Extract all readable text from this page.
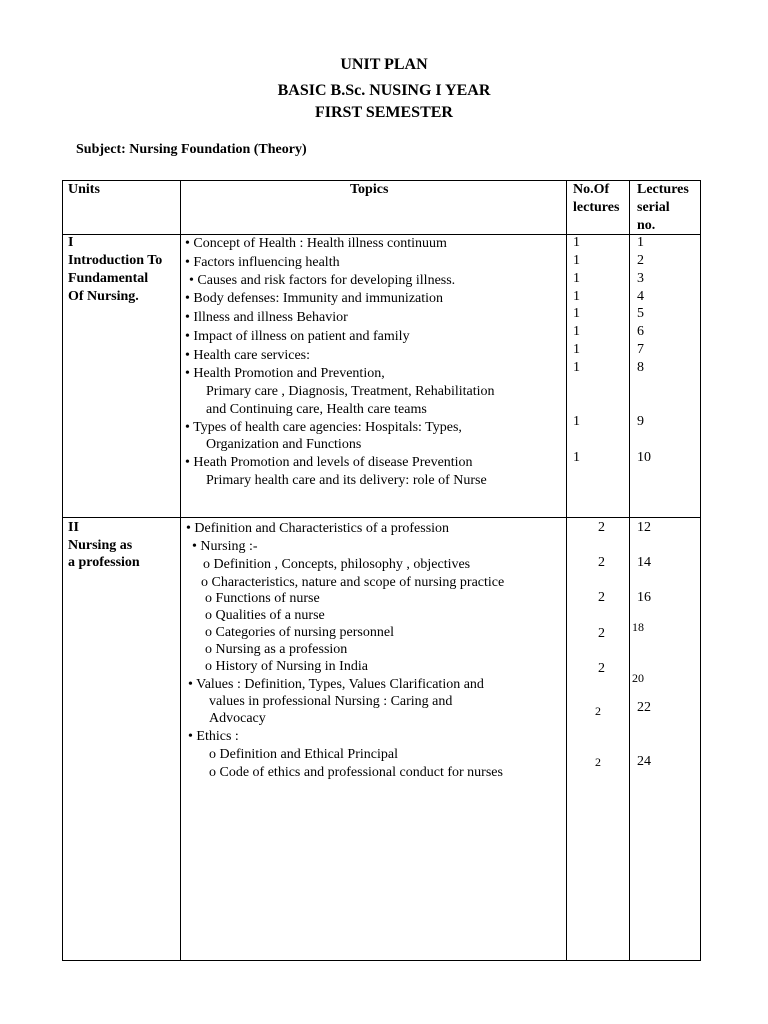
UNIT PLAN
BASIC B.Sc. NUSING I YEAR
FIRST SEMESTER
Subject: Nursing Foundation (Theory)
Units	Topics	No.Of
lectures
Lectures
serial
no.
I
Introduction To
Fundamental
Of Nursing.
• Concept of Health : Health illness continuum
• Factors influencing health
• Causes and risk factors for developing illness.
• Body defenses: Immunity and immunization
• Illness and illness Behavior
• Impact of illness on patient and family
• Health care services:
• Health Promotion and Prevention,
Primary care , Diagnosis, Treatment, Rehabilitation
and Continuing care, Health care teams
• Types of health care agencies: Hospitals: Types,
Organization and Functions
• Heath Promotion and levels of disease Prevention
Primary health care and its delivery: role of Nurse
1
1
1
1
1
1
1
1
1
1
1
2
3
4
5
6
7
8
9
10
II
Nursing as
a profession
• Definition and Characteristics of a profession
• Nursing :-
o Definition , Concepts, philosophy , objectives
o Characteristics, nature and scope of nursing practice
o Functions of nurse
o Qualities of a nurse
o Categories of nursing personnel
o Nursing as a profession
o History of Nursing in India
• Values : Definition, Types, Values Clarification and
values in professional Nursing : Caring and
Advocacy
• Ethics :
o Definition and Ethical Principal
o Code of ethics and professional conduct for nurses
2
2
2
2
2
2
2
12
14
16
18
20
22
24
